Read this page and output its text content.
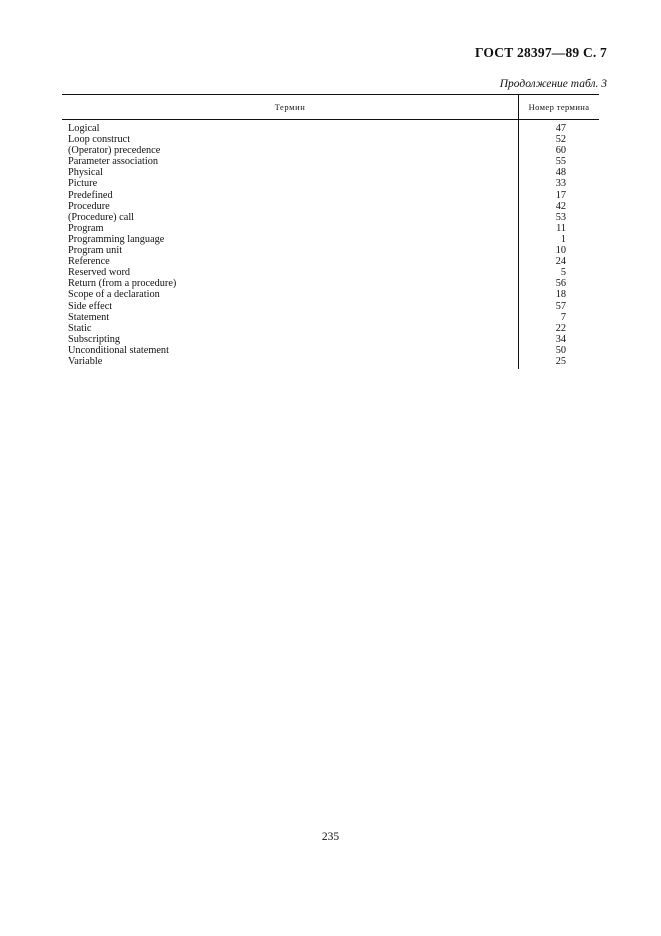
ГОСТ 28397—89 С. 7
Продолжение табл. 3
Термин	Номер термина
Logical
Loop construct
(Operator) precedence
Parameter association
Physical
Picture
Predefined
Procedure
(Procedure) call
Program
Programming language
Program unit
Reference
Reserved word
Return (from a procedure)
Scope of a declaration
Side effect
Statement
Static
Subscripting
Unconditional statement
Variable
47
52
60
55
48
33
17
42
53
11
1
10
24
5
56
18
57
7
22
34
50
25
235
